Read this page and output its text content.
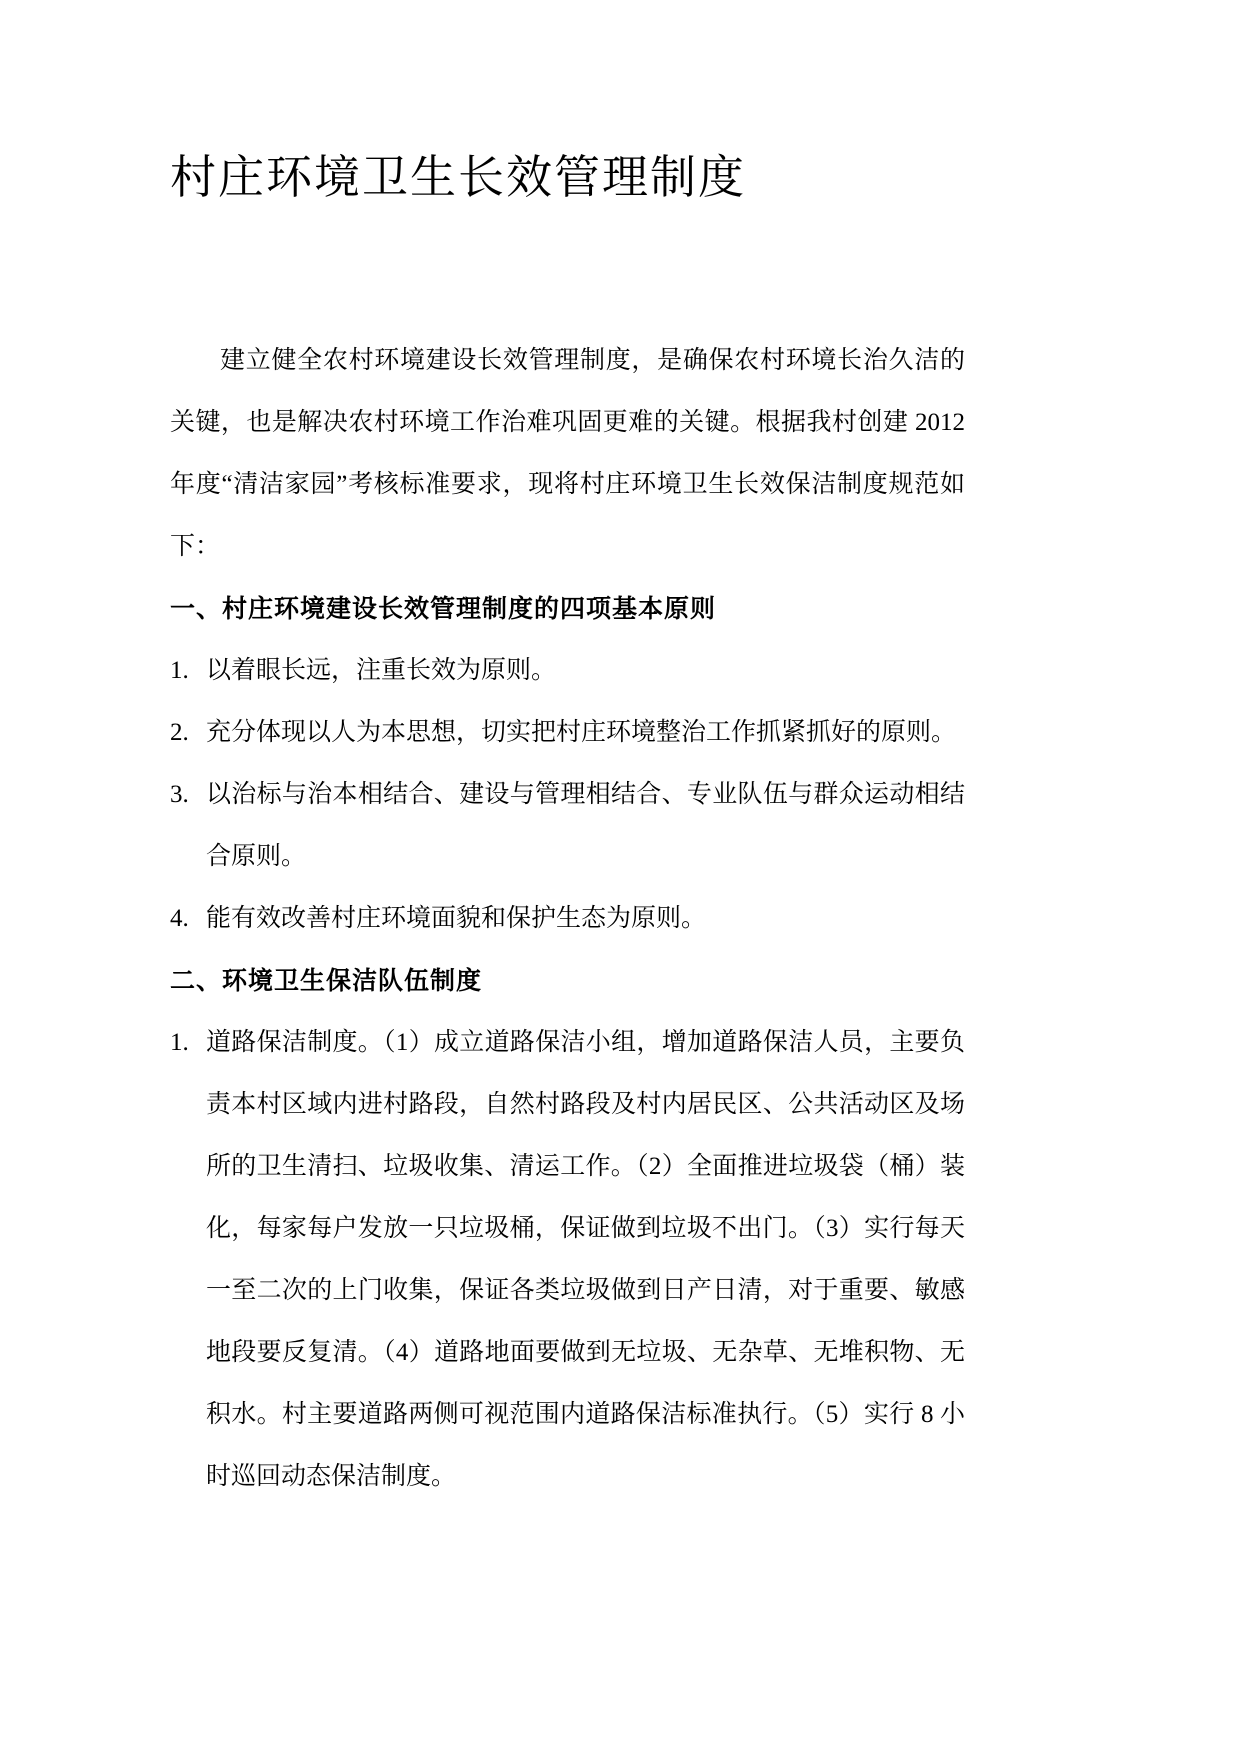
村庄环境卫生长效管理制度

建立健全农村环境建设长效管理制度，是确保农村环境长治久洁的关键，也是解决农村环境工作治难巩固更难的关键。根据我村创建 2012 年度“清洁家园”考核标准要求，现将村庄环境卫生长效保洁制度规范如下：

一、村庄环境建设长效管理制度的四项基本原则
1. 以着眼长远，注重长效为原则。
2. 充分体现以人为本思想，切实把村庄环境整治工作抓紧抓好的原则。
3. 以治标与治本相结合、建设与管理相结合、专业队伍与群众运动相结合原则。
4. 能有效改善村庄环境面貌和保护生态为原则。
二、环境卫生保洁队伍制度
1. 道路保洁制度。（1）成立道路保洁小组，增加道路保洁人员，主要负责本村区域内进村路段，自然村路段及村内居民区、公共活动区及场所的卫生清扫、垃圾收集、清运工作。（2）全面推进垃圾袋（桶）装化，每家每户发放一只垃圾桶，保证做到垃圾不出门。（3）实行每天一至二次的上门收集，保证各类垃圾做到日产日清，对于重要、敏感地段要反复清。（4）道路地面要做到无垃圾、无杂草、无堆积物、无积水。村主要道路两侧可视范围内道路保洁标准执行。（5）实行 8 小时巡回动态保洁制度。
